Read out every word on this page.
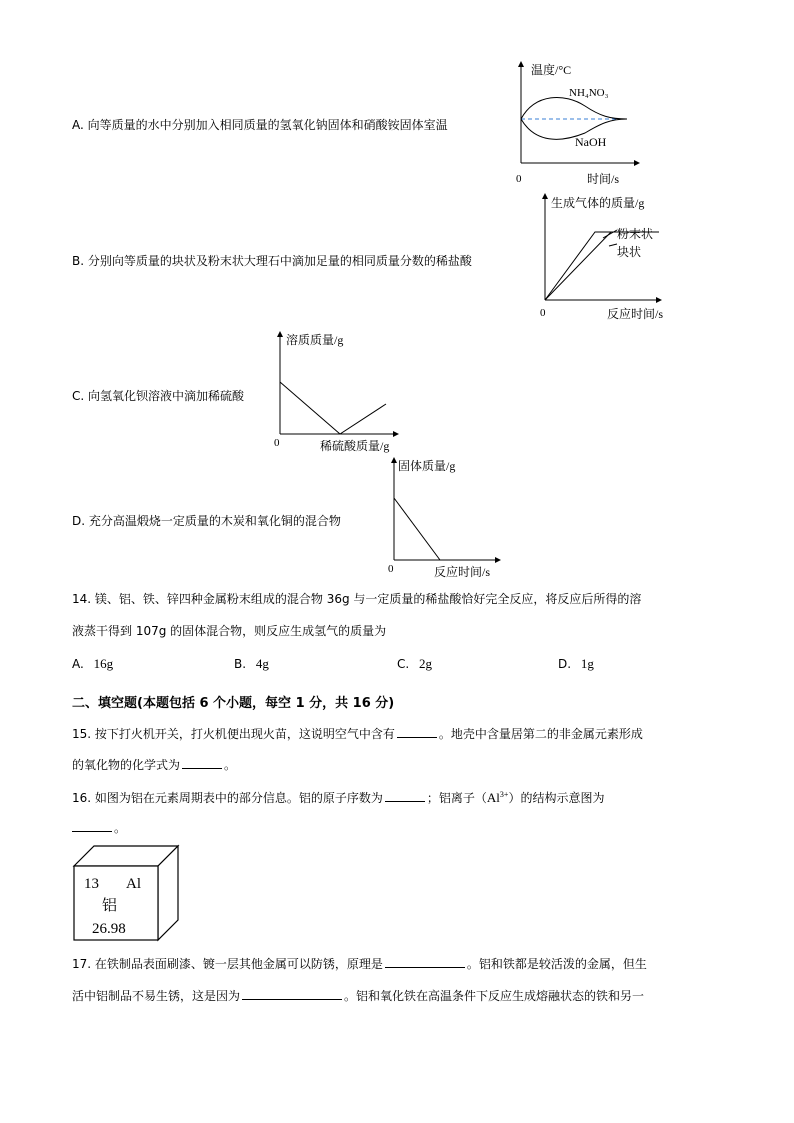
A. 向等质量的水中分别加入相同质量的氢氧化钠固体和硝酸铵固体室温
温度/°C
NH₄NO₃
NaOH
0	时间/s
B. 分别向等质量的块状及粉末状大理石中滴加足量的相同质量分数的稀盐酸
生成气体的质量/g
粉末状
块状
0	反应时间/s
C. 向氢氧化钡溶液中滴加稀硫酸
溶质质量/g
0	稀硫酸质量/g
D. 充分高温煅烧一定质量的木炭和氧化铜的混合物
固体质量/g
0	反应时间/s
14. 镁、铝、铁、锌四种金属粉末组成的混合物 36g 与一定质量的稀盐酸恰好完全反应，将反应后所得的溶
液蒸干得到 107g 的固体混合物，则反应生成氢气的质量为
A. 16g	B. 4g	C. 2g	D. 1g
二、填空题(本题包括 6 个小题，每空 1 分，共 16 分)
15. 按下打火机开关，打火机便出现火苗，这说明空气中含有	。地壳中含量居第二的非金属元素形成
的氧化物的化学式为	。
16. 如图为铝在元素周期表中的部分信息。铝的原子序数为	；铝离子$(Al^{3+})$的结构示意图为
。
13 Al
铝
26.98
17. 在铁制品表面刷漆、镀一层其他金属可以防锈，原理是	。铝和铁都是较活泼的金属，但生
活中铝制品不易生锈，这是因为	。铝和氧化铁在高温条件下反应生成熔融状态的铁和另一
